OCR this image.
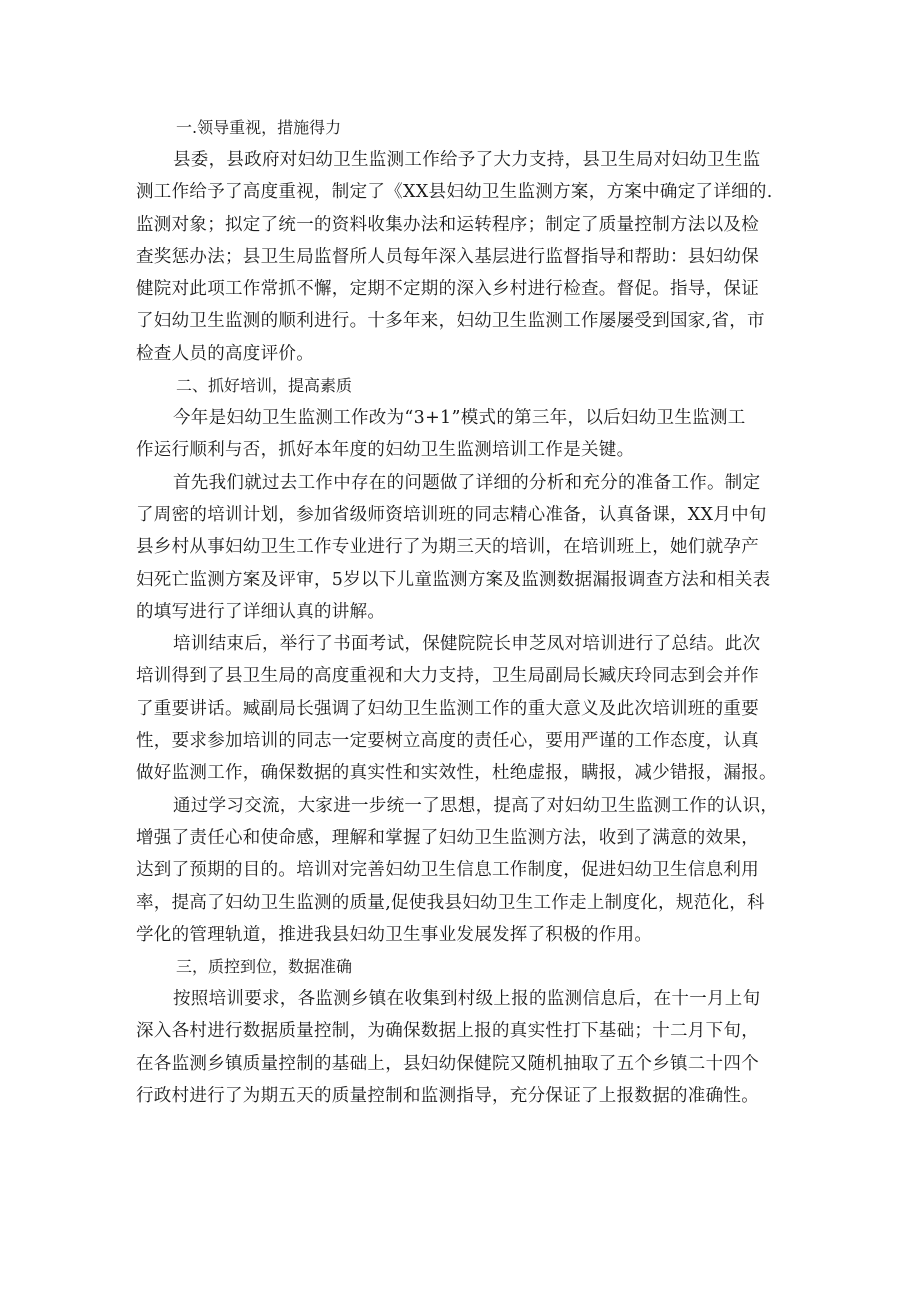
一.领导重视，措施得力
县委，县政府对妇幼卫生监测工作给予了大力支持，县卫生局对妇幼卫生监
测工作给予了高度重视，制定了《XX县妇幼卫生监测方案，方案中确定了详细的.
监测对象；拟定了统一的资料收集办法和运转程序；制定了质量控制方法以及检
查奖惩办法；县卫生局监督所人员每年深入基层进行监督指导和帮助：县妇幼保
健院对此项工作常抓不懈，定期不定期的深入乡村进行检查。督促。指导，保证
了妇幼卫生监测的顺利进行。十多年来，妇幼卫生监测工作屡屡受到国家,省，市
检查人员的高度评价。
二、抓好培训，提高素质
今年是妇幼卫生监测工作改为“3+1”模式的第三年，以后妇幼卫生监测工
作运行顺利与否，抓好本年度的妇幼卫生监测培训工作是关键。
首先我们就过去工作中存在的问题做了详细的分析和充分的准备工作。制定
了周密的培训计划，参加省级师资培训班的同志精心准备，认真备课，XX月中旬
县乡村从事妇幼卫生工作专业进行了为期三天的培训，在培训班上，她们就孕产
妇死亡监测方案及评审，5岁以下儿童监测方案及监测数据漏报调查方法和相关表
的填写进行了详细认真的讲解。
培训结束后，举行了书面考试，保健院院长申芝凤对培训进行了总结。此次
培训得到了县卫生局的高度重视和大力支持，卫生局副局长臧庆玲同志到会并作
了重要讲话。臧副局长强调了妇幼卫生监测工作的重大意义及此次培训班的重要
性，要求参加培训的同志一定要树立高度的责任心，要用严谨的工作态度，认真
做好监测工作，确保数据的真实性和实效性，杜绝虚报，瞒报，减少错报，漏报。
通过学习交流，大家进一步统一了思想，提高了对妇幼卫生监测工作的认识，
增强了责任心和使命感，理解和掌握了妇幼卫生监测方法，收到了满意的效果，
达到了预期的目的。培训对完善妇幼卫生信息工作制度，促进妇幼卫生信息利用
率，提高了妇幼卫生监测的质量,促使我县妇幼卫生工作走上制度化，规范化，科
学化的管理轨道，推进我县妇幼卫生事业发展发挥了积极的作用。
三，质控到位，数据准确
按照培训要求，各监测乡镇在收集到村级上报的监测信息后，在十一月上旬
深入各村进行数据质量控制，为确保数据上报的真实性打下基础；十二月下旬，
在各监测乡镇质量控制的基础上，县妇幼保健院又随机抽取了五个乡镇二十四个
行政村进行了为期五天的质量控制和监测指导，充分保证了上报数据的准确性。
